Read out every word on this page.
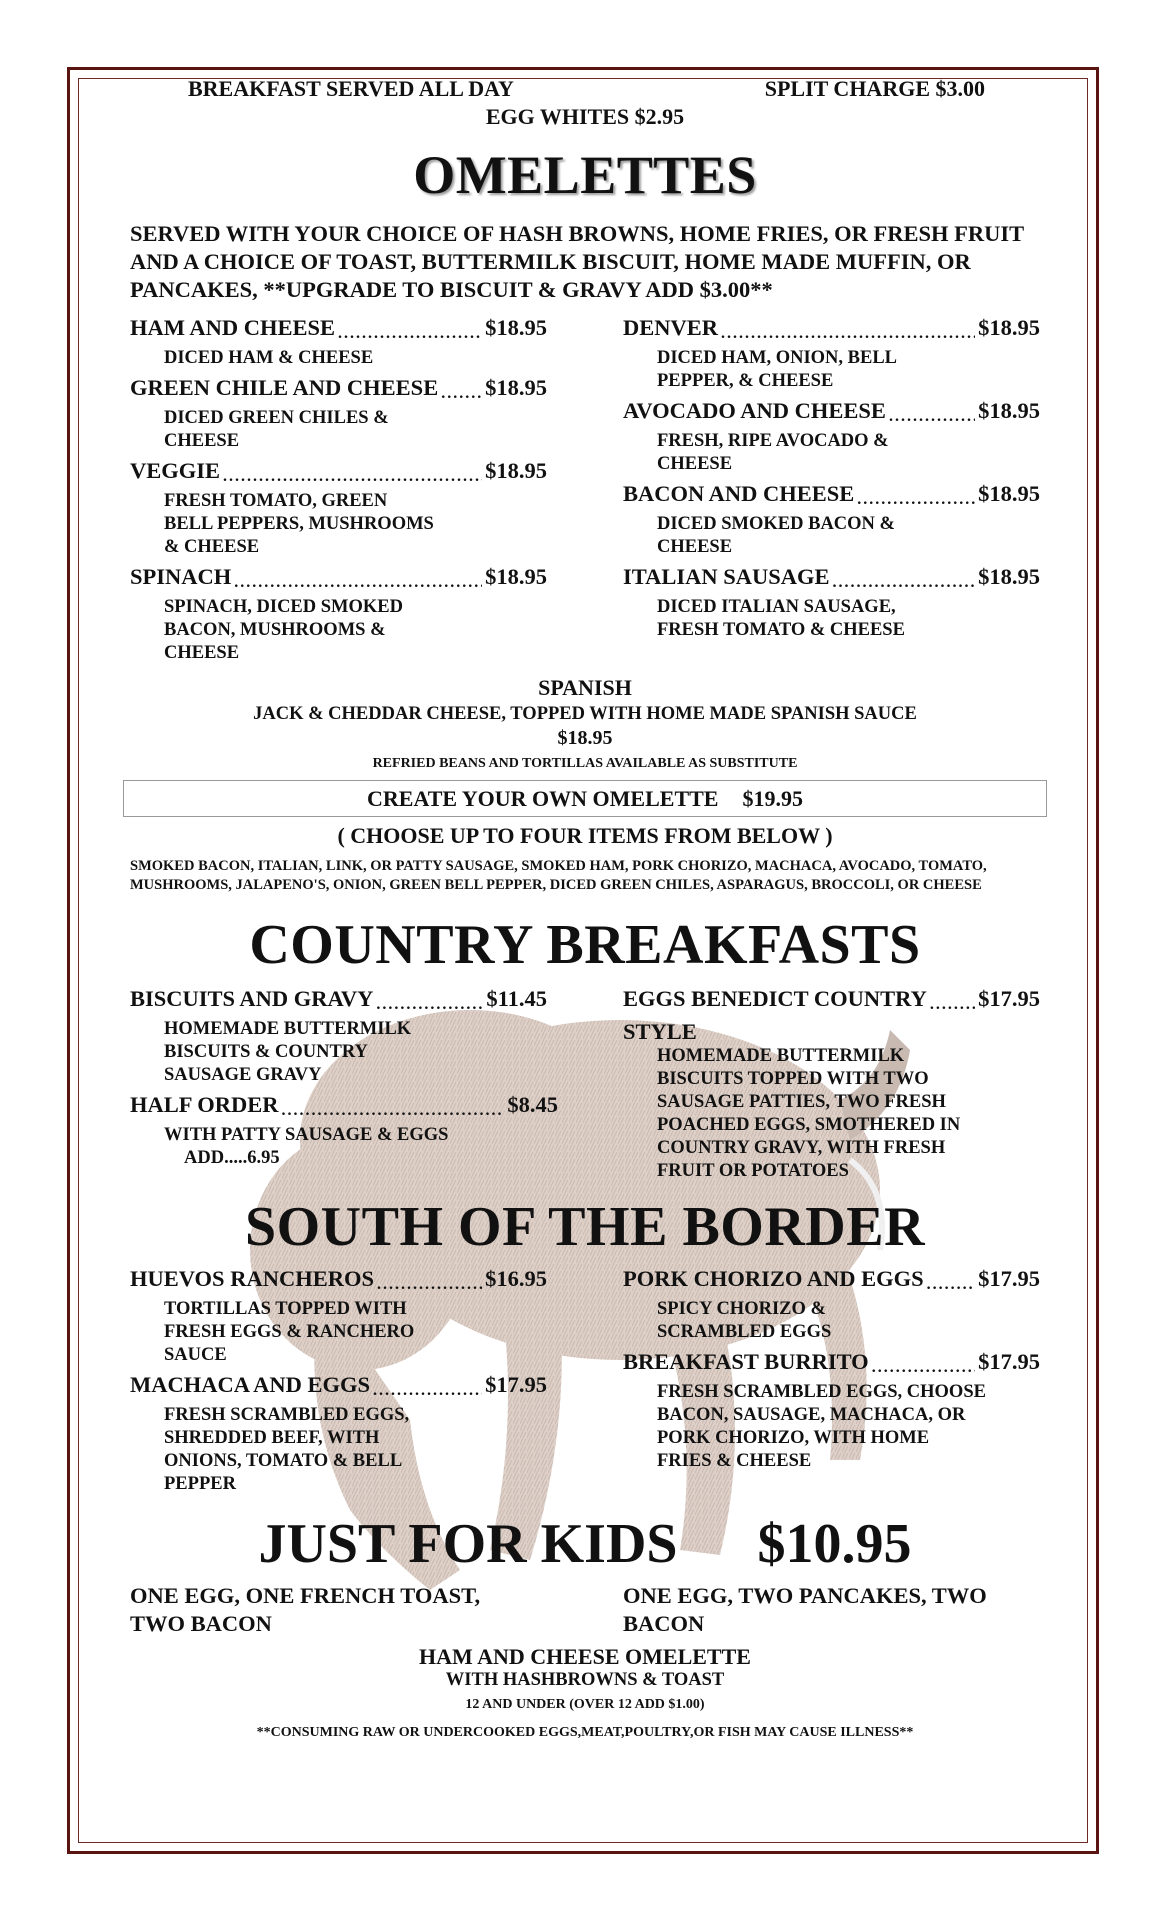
BREAKFAST SERVED ALL DAY	SPLIT CHARGE $3.00
EGG WHITES $2.95
OMELETTES
SERVED WITH YOUR CHOICE OF HASH BROWNS, HOME FRIES, OR FRESH FRUIT AND A CHOICE OF TOAST, BUTTERMILK BISCUIT, HOME MADE MUFFIN, OR PANCAKES, **UPGRADE TO BISCUIT & GRAVY ADD $3.00**
HAM AND CHEESE .....	$18.95
DICED HAM & CHEESE
GREEN CHILE AND CHEESE ..... $18.95
DICED GREEN CHILES & CHEESE
VEGGIE .....	$18.95
FRESH TOMATO, GREEN BELL PEPPERS, MUSHROOMS & CHEESE
SPINACH .....	$18.95
SPINACH, DICED SMOKED BACON, MUSHROOMS & CHEESE
DENVER .....	$18.95
DICED HAM, ONION, BELL PEPPER, & CHEESE
AVOCADO AND CHEESE .....	$18.95
FRESH, RIPE AVOCADO & CHEESE
BACON AND CHEESE .....	$18.95
DICED SMOKED BACON & CHEESE
ITALIAN SAUSAGE .....	$18.95
DICED ITALIAN SAUSAGE, FRESH TOMATO & CHEESE
SPANISH
JACK & CHEDDAR CHEESE, TOPPED WITH HOME MADE SPANISH SAUCE
$18.95
REFRIED BEANS AND TORTILLAS AVAILABLE AS SUBSTITUTE
CREATE YOUR OWN OMELETTE $19.95
( CHOOSE UP TO FOUR ITEMS FROM BELOW )
SMOKED BACON, ITALIAN, LINK, OR PATTY SAUSAGE, SMOKED HAM, PORK CHORIZO, MACHACA, AVOCADO, TOMATO, MUSHROOMS, JALAPENO'S, ONION, GREEN BELL PEPPER, DICED GREEN CHILES, ASPARAGUS, BROCCOLI, OR CHEESE
COUNTRY BREAKFASTS
BISCUITS AND GRAVY .....	$11.45
HOMEMADE BUTTERMILK BISCUITS & COUNTRY SAUSAGE GRAVY
HALF ORDER .....	$8.45
WITH PATTY SAUSAGE & EGGS
ADD.....6.95
EGGS BENEDICT COUNTRY ..... $17.95
STYLE
HOMEMADE BUTTERMILK BISCUITS TOPPED WITH TWO SAUSAGE PATTIES, TWO FRESH POACHED EGGS, SMOTHERED IN COUNTRY GRAVY, WITH FRESH FRUIT OR POTATOES
SOUTH OF THE BORDER
HUEVOS RANCHEROS .....	$16.95
TORTILLAS TOPPED WITH FRESH EGGS & RANCHERO SAUCE
MACHACA AND EGGS .....	$17.95
FRESH SCRAMBLED EGGS, SHREDDED BEEF, WITH ONIONS, TOMATO & BELL PEPPER
PORK CHORIZO AND EGGS ..... $17.95
SPICY CHORIZO & SCRAMBLED EGGS
BREAKFAST BURRITO .....	$17.95
FRESH SCRAMBLED EGGS, CHOOSE BACON, SAUSAGE, MACHACA, OR PORK CHORIZO, WITH HOME FRIES & CHEESE
JUST FOR KIDS $10.95
ONE EGG, ONE FRENCH TOAST, TWO BACON
ONE EGG, TWO PANCAKES, TWO BACON
HAM AND CHEESE OMELETTE
WITH HASHBROWNS & TOAST
12 AND UNDER (OVER 12 ADD $1.00)
**CONSUMING RAW OR UNDERCOOKED EGGS,MEAT,POULTRY,OR FISH MAY CAUSE ILLNESS**
